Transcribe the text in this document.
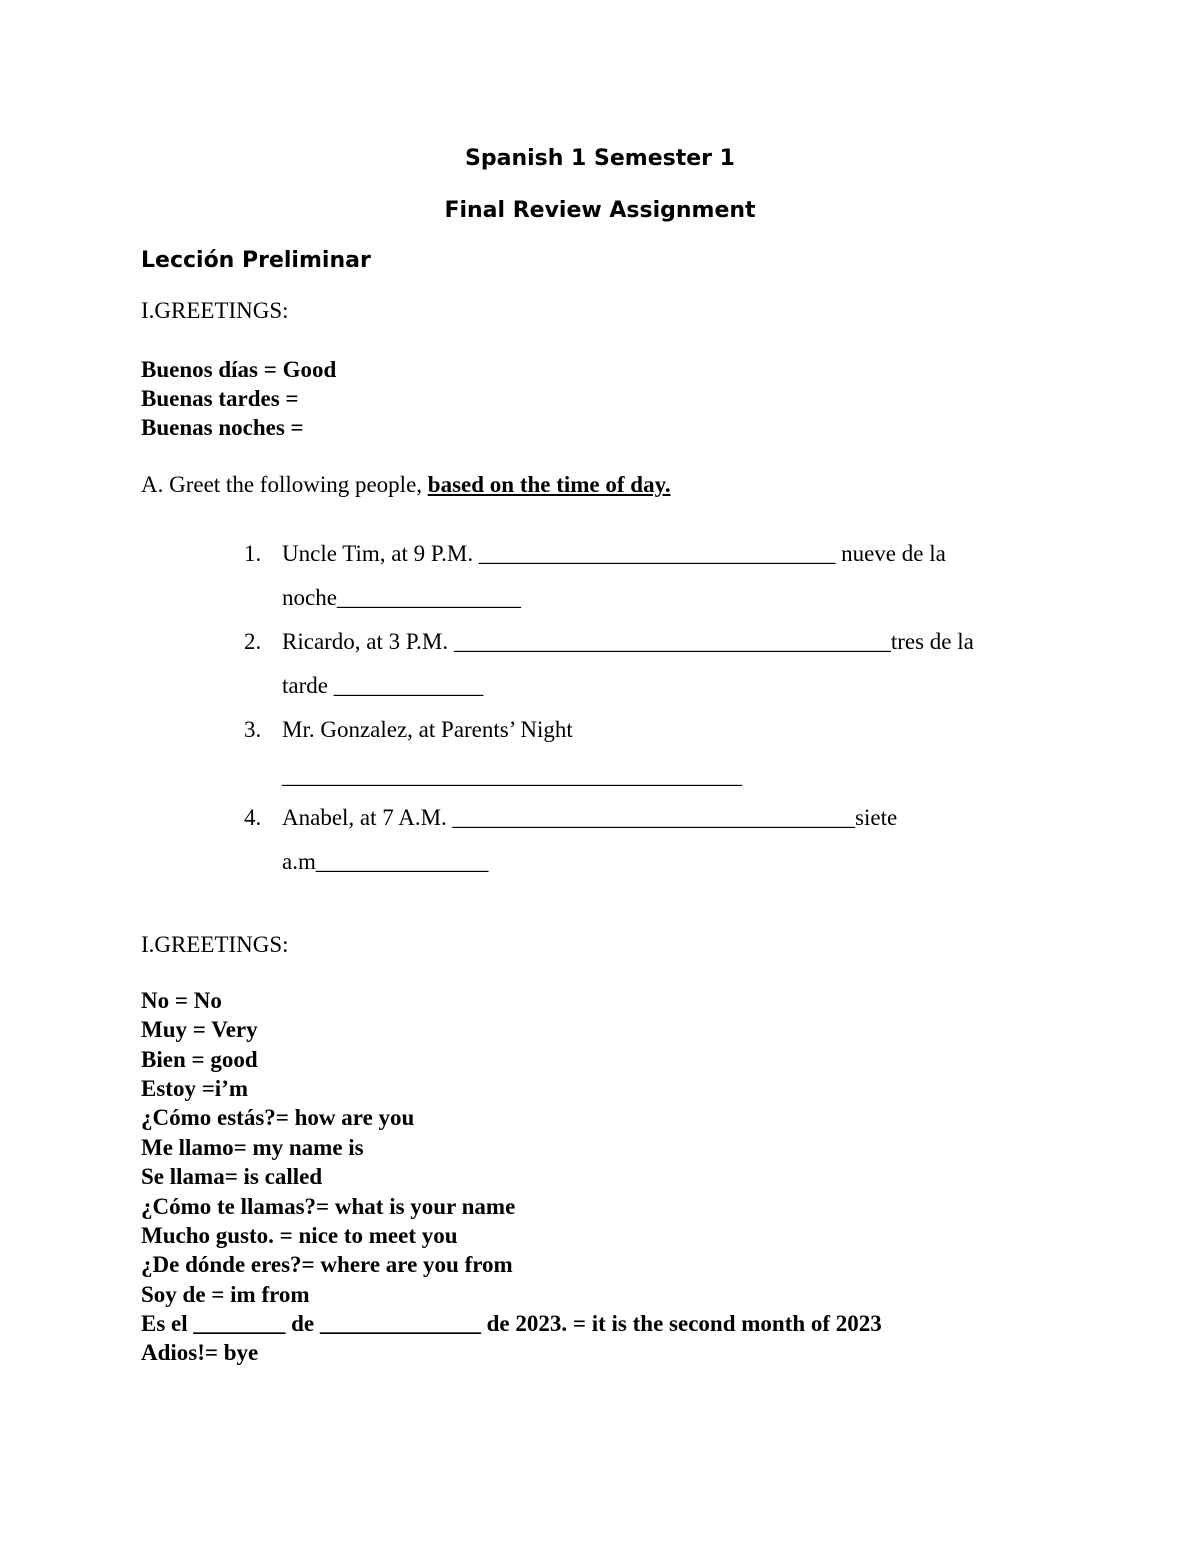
Spanish 1 Semester 1
Final Review Assignment
Lección Preliminar
I.GREETINGS:
Buenos días = Good
Buenas tardes =
Buenas noches =
A. Greet the following people, based on the time of day.
1. Uncle Tim, at 9 P.M. _______________________________ nueve de la
noche________________
2. Ricardo, at 3 P.M. ______________________________________tres de la
tarde _____________
3. Mr. Gonzalez, at Parents’ Night
________________________________________
4. Anabel, at 7 A.M. ___________________________________siete
a.m_______________
I.GREETINGS:
No = No
Muy = Very
Bien = good
Estoy =i’m
¿Cómo estás?= how are you
Me llamo= my name is
Se llama= is called
¿Cómo te llamas?= what is your name
Mucho gusto. = nice to meet you
¿De dónde eres?= where are you from
Soy de = im from
Es el ________ de ______________ de 2023. = it is the second month of 2023
Adios!= bye
